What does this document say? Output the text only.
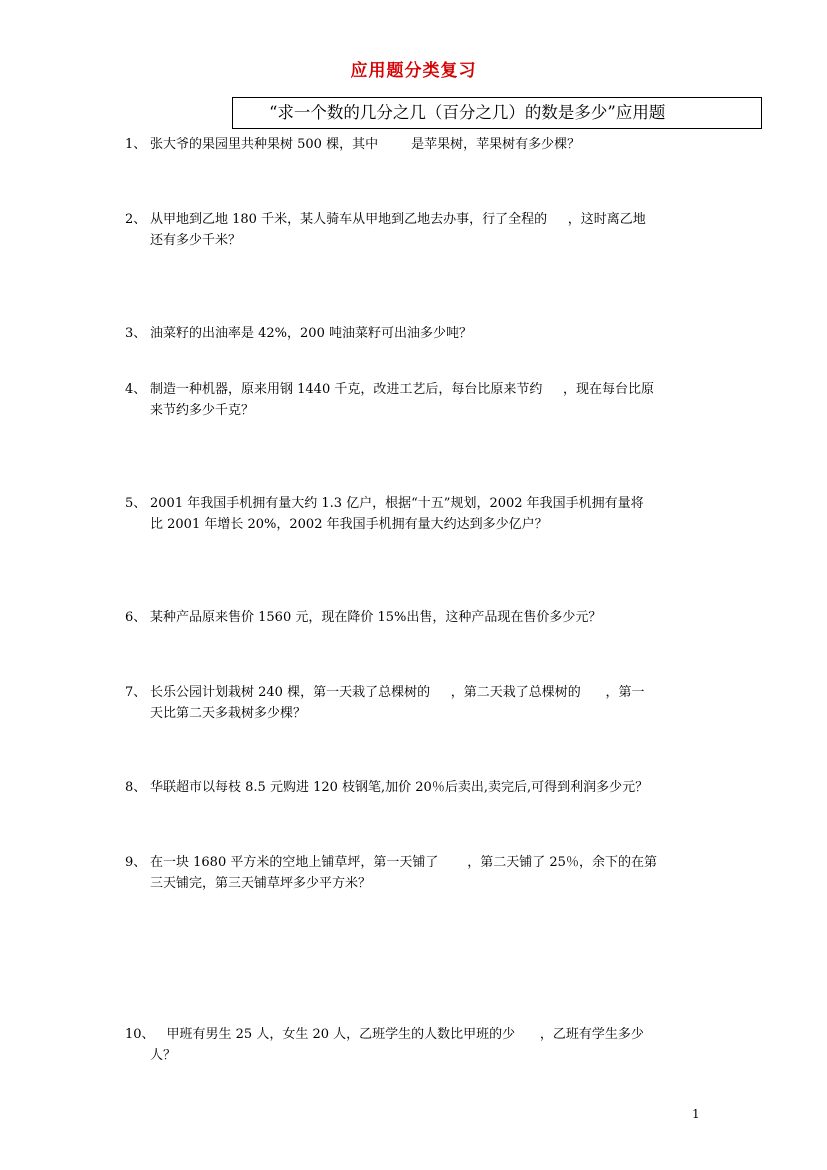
应用题分类复习
“求一个数的几分之几（百分之几）的数是多少”应用题
1、 张大爷的果园里共种果树 500 棵，其中        是苹果树，苹果树有多少棵？
2、 从甲地到乙地 180 千米，某人骑车从甲地到乙地去办事，行了全程的     ，这时离乙地
还有多少千米？
3、 油菜籽的出油率是 42%，200 吨油菜籽可出油多少吨？
4、 制造一种机器，原来用钢 1440 千克，改进工艺后，每台比原来节约     ，现在每台比原
来节约多少千克？
5、 2001 年我国手机拥有量大约 1.3 亿户，根据“十五”规划，2002 年我国手机拥有量将
比 2001 年增长 20%，2002 年我国手机拥有量大约达到多少亿户？
6、 某种产品原来售价 1560 元，现在降价 15%出售，这种产品现在售价多少元？
7、 长乐公园计划栽树 240 棵，第一天栽了总棵树的     ，第二天栽了总棵树的      ，第一
天比第二天多栽树多少棵？
8、 华联超市以每枝 8.5 元购进 120 枝钢笔,加价 20％后卖出,卖完后,可得到利润多少元？
9、 在一块 1680 平方米的空地上铺草坪，第一天铺了       ，第二天铺了 25％，余下的在第
三天铺完，第三天铺草坪多少平方米？
10、
甲班有男生 25 人，女生 20 人，乙班学生的人数比甲班的少      ，乙班有学生多少
人？
1
